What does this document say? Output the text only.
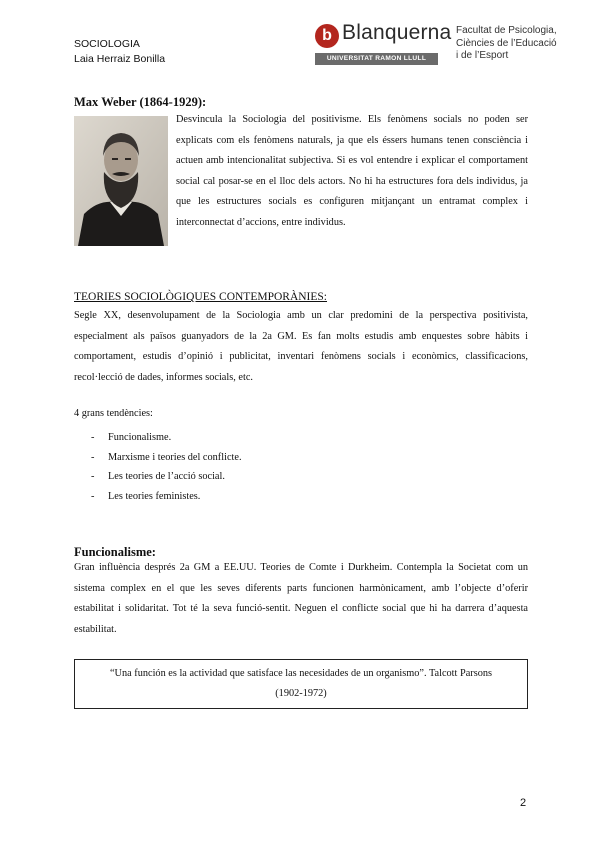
SOCIOLOGIA
Laia Herraiz Bonilla
b Blanquerna
UNIVERSITAT RAMON LLULL
Facultat de Psicologia,
Ciències de l’Educació
i de l’Esport
Max Weber (1864-1929):
Desvincula la Sociologia del positivisme. Els fenòmens socials no poden ser explicats com els fenòmens naturals, ja que els éssers humans tenen consciència i actuen amb intencionalitat subjectiva. Si es vol entendre i explicar el comportament social cal posar-se en el lloc dels actors. No hi ha estructures fora dels individus, ja que les estructures socials es configuren mitjançant un entramat complex i interconnectat d’accions, entre individus.
TEORIES SOCIOLÒGIQUES CONTEMPORÀNIES:
Segle XX, desenvolupament de la Sociologia amb un clar predomini de la perspectiva positivista, especialment als països guanyadors de la 2a GM. Es fan molts estudis amb enquestes sobre hàbits i comportament, estudis d’opinió i publicitat, inventari fenòmens socials i econòmics, classificacions, recol·lecció de dades, informes socials, etc.
4 grans tendències:
- Funcionalisme.
- Marxisme i teories del conflicte.
- Les teories de l’acció social.
- Les teories feministes.
Funcionalisme:
Gran influència després 2a GM a EE.UU. Teories de Comte i Durkheim. Contempla la Societat com un sistema complex en el que les seves diferents parts funcionen harmònicament, amb l’objecte d’oferir estabilitat i solidaritat. Tot té la seva funció-sentit. Neguen el conflicte social que hi ha darrera d’aquesta estabilitat.
“Una función es la actividad que satisface las necesidades de un organismo”. Talcott Parsons
(1902-1972)
2
